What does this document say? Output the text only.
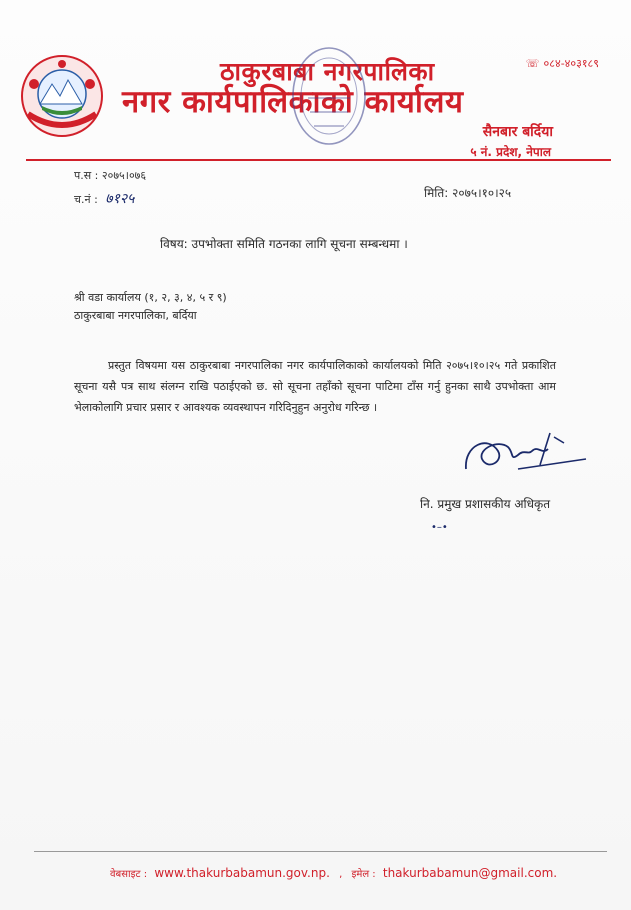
ठाकुरबाबा नगरपालिका
नगर कार्यपालिकाको कार्यालय
☏ ०८४-४०३१८९
सैनबार बर्दिया
५ नं. प्रदेश, नेपाल
प.स : २०७५।०७६
च.नं : ७१२५	मिति: २०७५।१०।२५
विषय: उपभोक्ता समिति गठनका लागि सूचना सम्बन्धमा ।
श्री वडा कार्यालय (१, २, ३, ४, ५ र ९)
ठाकुरबाबा नगरपालिका, बर्दिया
प्रस्तुत विषयमा यस ठाकुरबाबा नगरपालिका नगर कार्यपालिकाको कार्यालयको मिति २०७५।१०।२५ गते प्रकाशित सूचना यसै पत्र साथ संलग्न राखि पठाईएको छ. सो सूचना तहाँको सूचना पाटिमा टाँस गर्नु हुनका साथै उपभोक्ता आम भेलाकोलागि प्रचार प्रसार र आवश्यक व्यवस्थापन गरिदिनुहुन अनुरोध गरिन्छ ।
नि. प्रमुख प्रशासकीय अधिकृत
•–•
वेबसाइट : www.thakurbabamun.gov.np. , इमेल : thakurbabamun@gmail.com.
